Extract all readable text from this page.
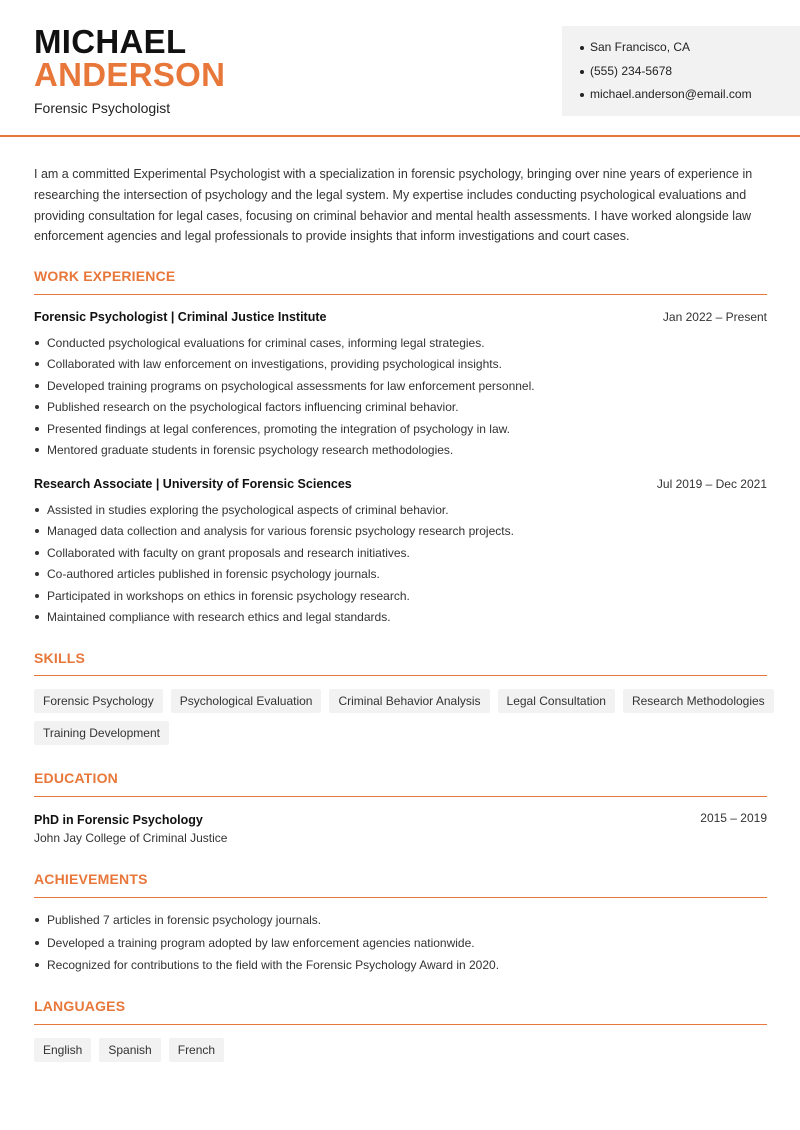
MICHAEL
ANDERSON
Forensic Psychologist
San Francisco, CA
(555) 234-5678
michael.anderson@email.com

I am a committed Experimental Psychologist with a specialization in forensic psychology, bringing over nine years of experience in researching the intersection of psychology and the legal system. My expertise includes conducting psychological evaluations and providing consultation for legal cases, focusing on criminal behavior and mental health assessments. I have worked alongside law enforcement agencies and legal professionals to provide insights that inform investigations and court cases.

WORK EXPERIENCE
Forensic Psychologist | Criminal Justice Institute	Jan 2022 – Present
Conducted psychological evaluations for criminal cases, informing legal strategies.
Collaborated with law enforcement on investigations, providing psychological insights.
Developed training programs on psychological assessments for law enforcement personnel.
Published research on the psychological factors influencing criminal behavior.
Presented findings at legal conferences, promoting the integration of psychology in law.
Mentored graduate students in forensic psychology research methodologies.
Research Associate | University of Forensic Sciences	Jul 2019 – Dec 2021
Assisted in studies exploring the psychological aspects of criminal behavior.
Managed data collection and analysis for various forensic psychology research projects.
Collaborated with faculty on grant proposals and research initiatives.
Co-authored articles published in forensic psychology journals.
Participated in workshops on ethics in forensic psychology research.
Maintained compliance with research ethics and legal standards.
SKILLS
Forensic Psychology	Psychological Evaluation	Criminal Behavior Analysis	Legal Consultation	Research Methodologies
Training Development
EDUCATION
PhD in Forensic Psychology	2015 – 2019
John Jay College of Criminal Justice
ACHIEVEMENTS
Published 7 articles in forensic psychology journals.
Developed a training program adopted by law enforcement agencies nationwide.
Recognized for contributions to the field with the Forensic Psychology Award in 2020.
LANGUAGES
English	Spanish	French
